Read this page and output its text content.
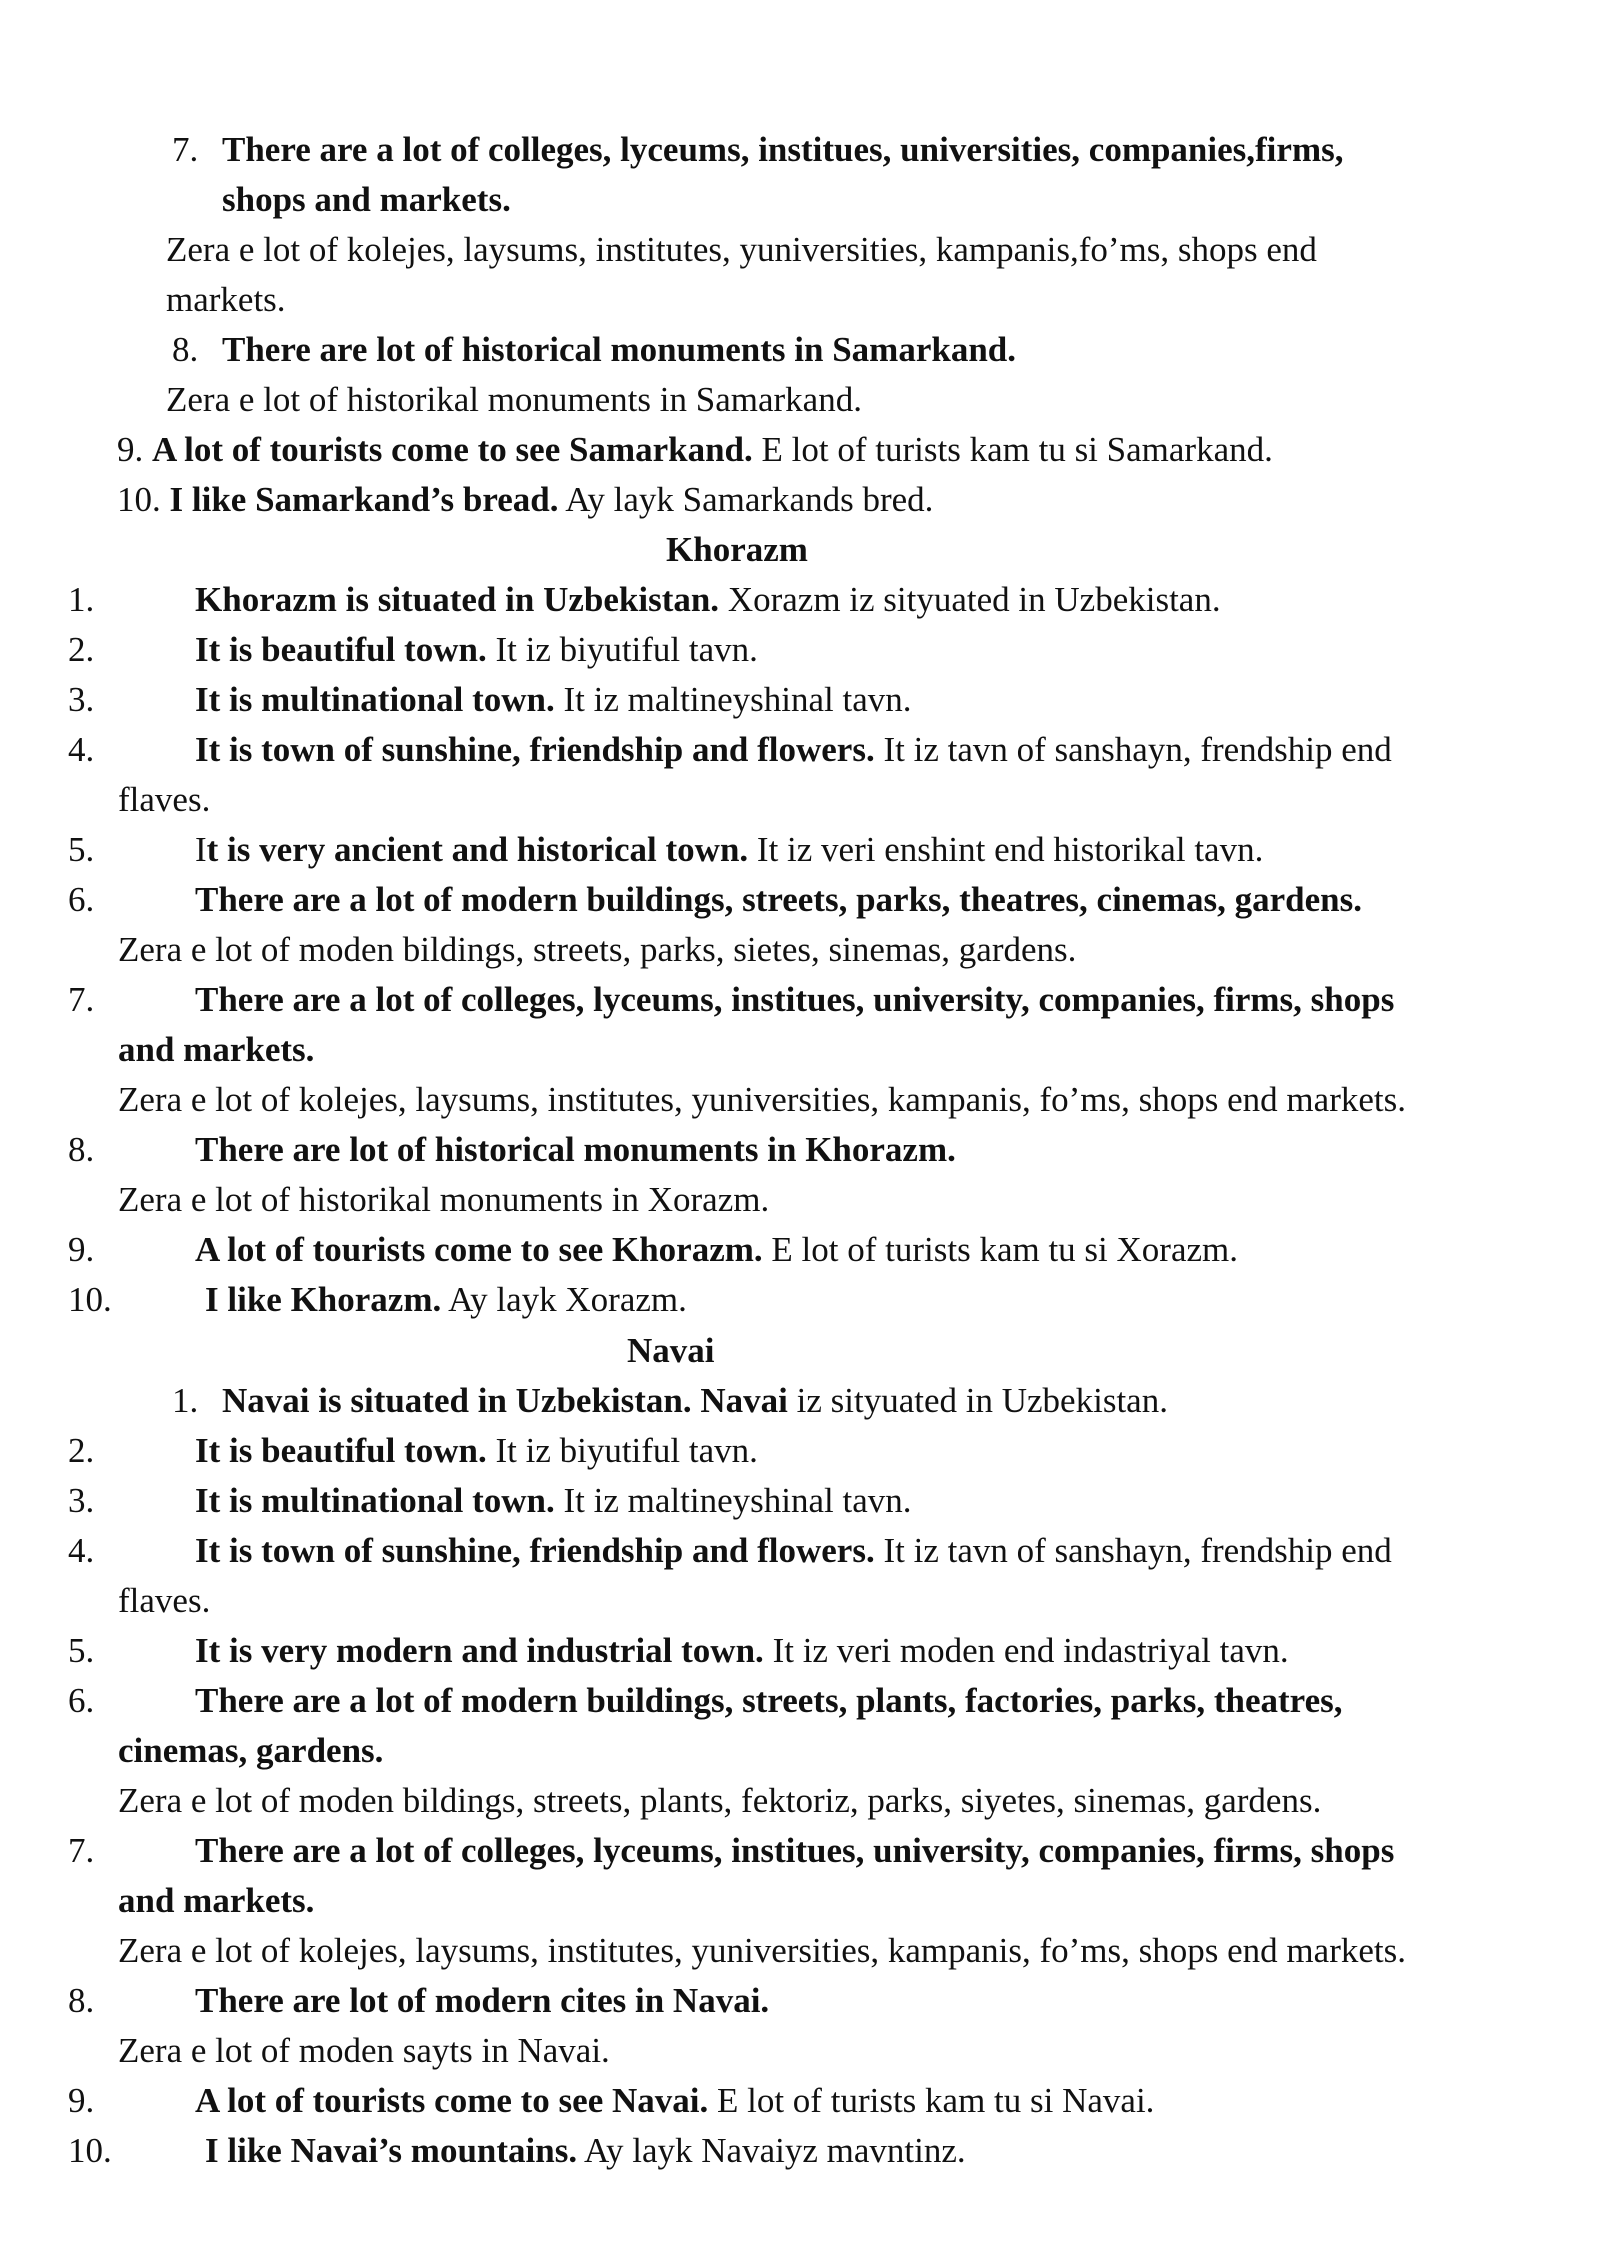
7. There are a lot of colleges, lyceums, institues, universities, companies,firms,
shops and markets.
Zera e lot of kolejes, laysums, institutes, yuniversities, kampanis,fo’ms, shops end
markets.
8. There are lot of historical monuments in Samarkand.
Zera e lot of historikal monuments in Samarkand.
9. A lot of tourists come to see Samarkand. E lot of turists kam tu si Samarkand.
10. I like Samarkand’s bread. Ay layk Samarkands bred.
Khorazm
1.	Khorazm is situated in Uzbekistan. Xorazm iz sityuated in Uzbekistan.
2.	It is beautiful town. It iz biyutiful tavn.
3.	It is multinational town. It iz maltineyshinal tavn.
4.	It is town of sunshine, friendship and flowers. It iz tavn of sanshayn, frendship end
flaves.
5.	It is very ancient and historical town. It iz veri enshint end historikal tavn.
6.	There are a lot of modern buildings, streets, parks, theatres, cinemas, gardens.
Zera e lot of moden bildings, streets, parks, sietes, sinemas, gardens.
7.	There are a lot of colleges, lyceums, institues, university, companies, firms, shops
and markets.
Zera e lot of kolejes, laysums, institutes, yuniversities, kampanis, fo’ms, shops end markets.
8.	There are lot of historical monuments in Khorazm.
Zera e lot of historikal monuments in Xorazm.
9.	A lot of tourists come to see Khorazm. E lot of turists kam tu si Xorazm.
10.	I like Khorazm. Ay layk Xorazm.
Navai
1. Navai is situated in Uzbekistan. Navai iz sityuated in Uzbekistan.
2.	It is beautiful town. It iz biyutiful tavn.
3.	It is multinational town. It iz maltineyshinal tavn.
4.	It is town of sunshine, friendship and flowers. It iz tavn of sanshayn, frendship end
flaves.
5.	It is very modern and industrial town. It iz veri moden end indastriyal tavn.
6.	There are a lot of modern buildings, streets, plants, factories, parks, theatres,
cinemas, gardens.
Zera e lot of moden bildings, streets, plants, fektoriz, parks, siyetes, sinemas, gardens.
7.	There are a lot of colleges, lyceums, institues, university, companies, firms, shops
and markets.
Zera e lot of kolejes, laysums, institutes, yuniversities, kampanis, fo’ms, shops end markets.
8.	There are lot of modern cites in Navai.
Zera e lot of moden sayts in Navai.
9.	A lot of tourists come to see Navai. E lot of turists kam tu si Navai.
10.	I like Navai’s mountains. Ay layk Navaiyz mavntinz.
